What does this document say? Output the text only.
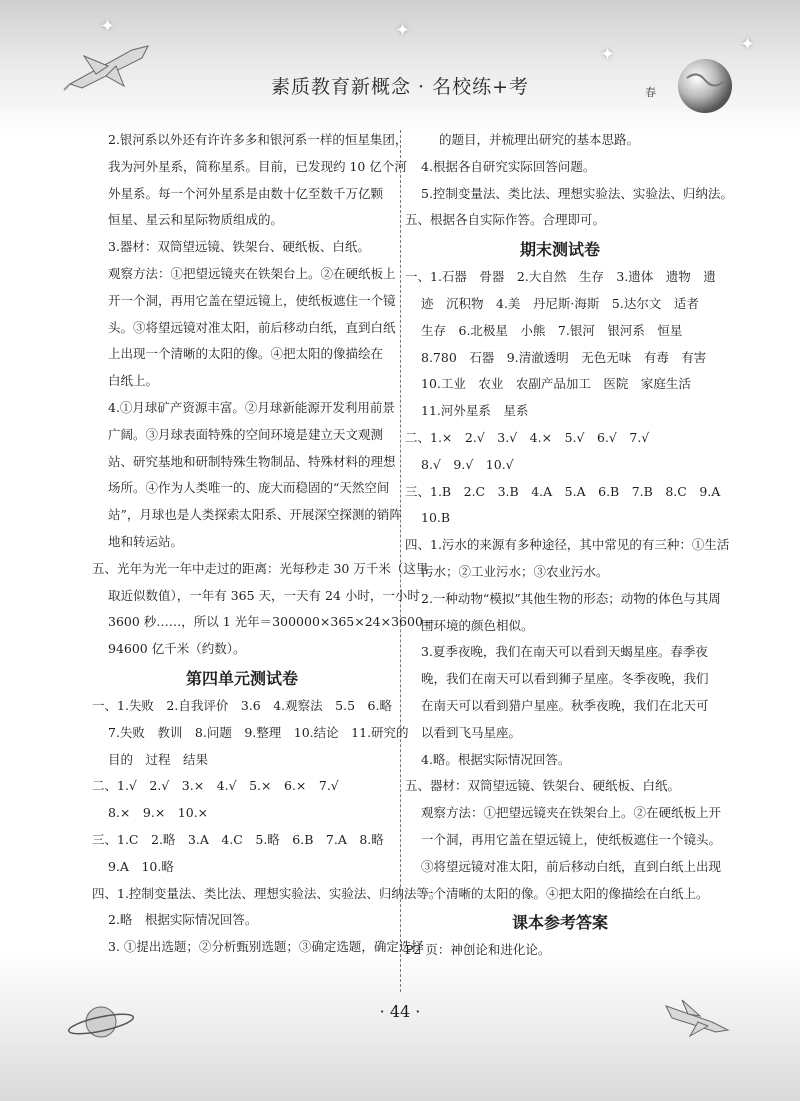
✦	✦
✦	✦
素质教育新概念 · 名校练+考	春
2.银河系以外还有许许多多和银河系一样的恒星集团，
我为河外星系，简称星系。目前，已发现约 10 亿个河
外星系。每一个河外星系是由数十亿至数千万亿颗
恒星、星云和星际物质组成的。
3.器材：双筒望远镜、铁架台、硬纸板、白纸。
观察方法：①把望远镜夹在铁架台上。②在硬纸板上
开一个洞，再用它盖在望远镜上，使纸板遮住一个镜
头。③将望远镜对准太阳，前后移动白纸，直到白纸
上出现一个清晰的太阳的像。④把太阳的像描绘在
白纸上。
4.①月球矿产资源丰富。②月球新能源开发利用前景
广阔。③月球表面特殊的空间环境是建立天文观测
站、研究基地和研制特殊生物制品、特殊材料的理想
场所。④作为人类唯一的、庞大而稳固的“天然空间
站”，月球也是人类探索太阳系、开展深空探测的销阵
地和转运站。
五、光年为光一年中走过的距离：光每秒走 30 万千米（这里
取近似数值），一年有 365 天，一天有 24 小时，一小时
3600 秒……，所以 1 光年＝300000×365×24×3600＝
94600 亿千米（约数）。
第四单元测试卷
一、1.失败　2.自我评价　3.6　4.观察法　5.5　6.略
7.失败　教训　8.问题　9.整理　10.结论　11.研究的
目的　过程　结果
二、1.√　2.√　3.×　4.√　5.×　6.×　7.√
8.×　9.×　10.×
三、1.C　2.略　3.A　4.C　5.略　6.B　7.A　8.略
9.A　10.略
四、1.控制变量法、类比法、理想实验法、实验法、归纳法等。
2.略　根据实际情况回答。
3. ①提出选题；②分析甄别选题；③确定选题，确定选择
的题目，并梳理出研究的基本思路。
4.根据各自研究实际回答问题。
5.控制变量法、类比法、理想实验法、实验法、归纳法。
五、根据各自实际作答。合理即可。
期末测试卷
一、1.石器　骨器　2.大自然　生存　3.遗体　遗物　遗
迹　沉积物　4.美　丹尼斯·海斯　5.达尔文　适者
生存　6.北极星　小熊　7.银河　银河系　恒星
8.780　石器　9.清澈透明　无色无味　有毒　有害
10.工业　农业　农副产品加工　医院　家庭生活
11.河外星系　星系
二、1.×　2.√　3.√　4.×　5.√　6.√　7.√
8.√　9.√　10.√
三、1.B　2.C　3.B　4.A　5.A　6.B　7.B　8.C　9.A
10.B
四、1.污水的来源有多种途径，其中常见的有三种：①生活
污水；②工业污水；③农业污水。
2.一种动物“模拟”其他生物的形态；动物的体色与其周
围环境的颜色相似。
3.夏季夜晚，我们在南天可以看到天蝎星座。春季夜
晚，我们在南天可以看到狮子星座。冬季夜晚，我们
在南天可以看到猎户星座。秋季夜晚，我们在北天可
以看到飞马星座。
4.略。根据实际情况回答。
五、器材：双筒望远镜、铁架台、硬纸板、白纸。
观察方法：①把望远镜夹在铁架台上。②在硬纸板上开
一个洞，再用它盖在望远镜上，使纸板遮住一个镜头。
③将望远镜对准太阳，前后移动白纸，直到白纸上出现
一个清晰的太阳的像。④把太阳的像描绘在白纸上。
课本参考答案
P2 页：神创论和进化论。
· 44 ·
